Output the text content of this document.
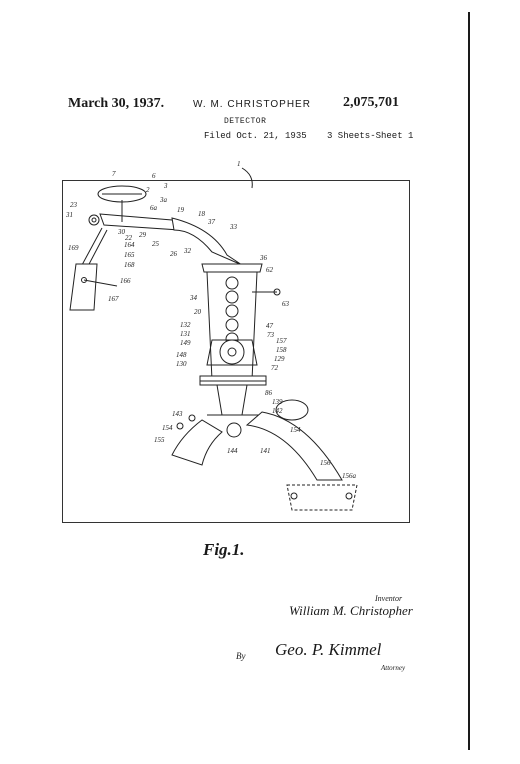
March 30, 1937.	W. M. CHRISTOPHER 2,075,701
DETECTOR
Filed Oct. 21, 1935 3 Sheets-Sheet 1
1
2 3
3a
6
6a
7
19 18
37
33
23
31
22 29
30
25
26 32
164
165
168
169
166
167
36
62
63
34
20
47
73
132
131
149
148
130
157
158
129
72
86
139
143	142
154	154
155
144	141
156
156a
Fig.1.
Inventor
William M. Christopher
By Geo. P. Kimmel
Attorney
